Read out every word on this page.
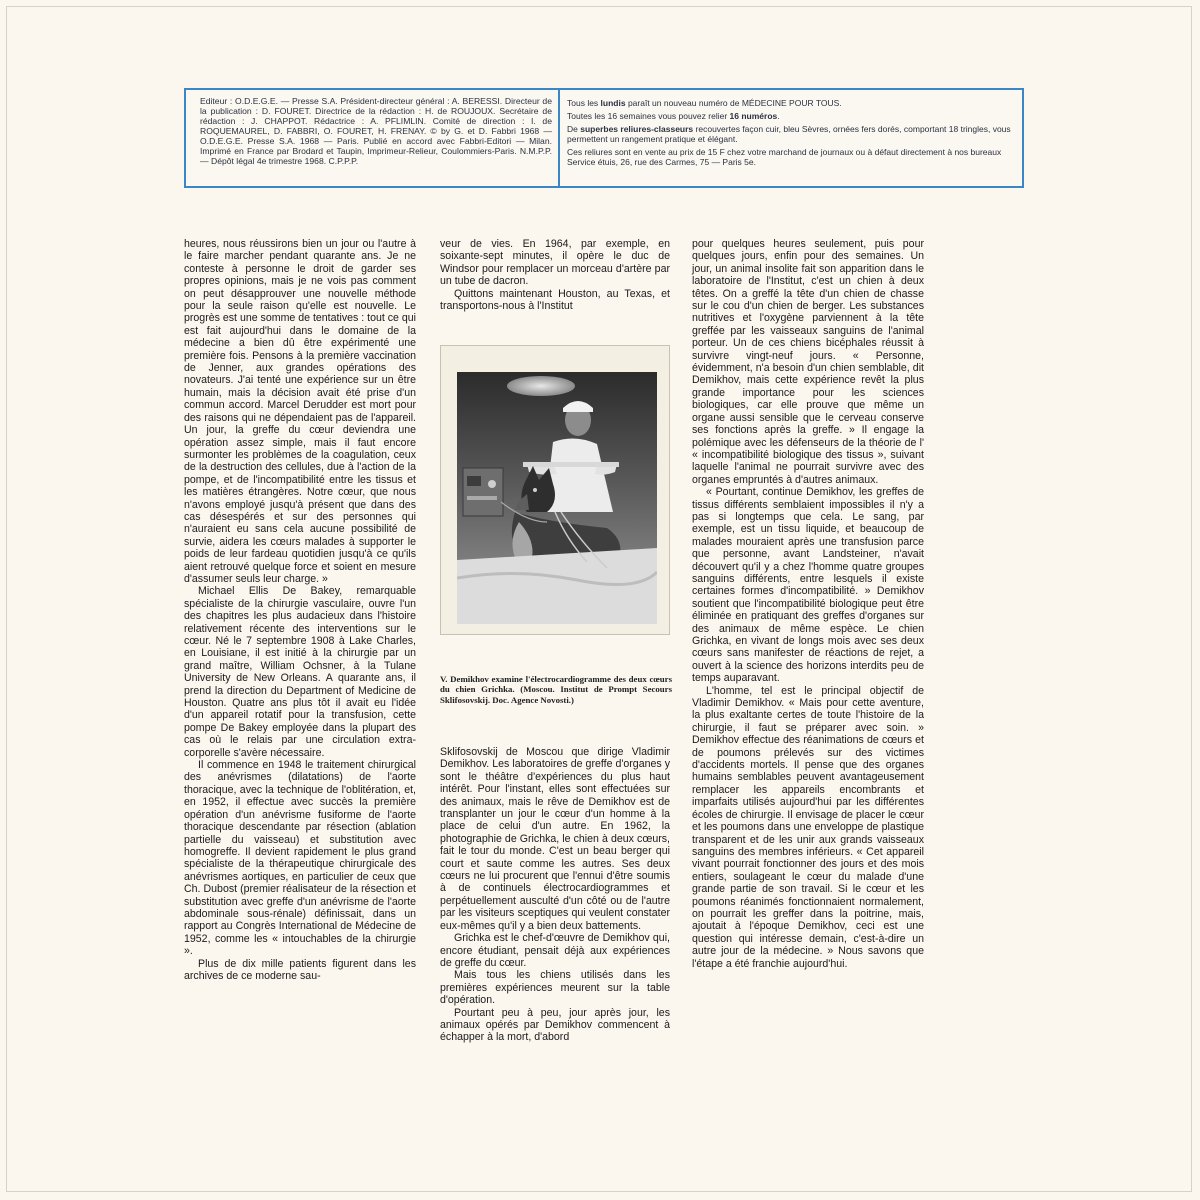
Editeur : O.D.E.G.E. — Presse S.A. Président-directeur général : A. BERESSI. Directeur de la publication : D. FOURET. Directrice de la rédaction : H. de ROUJOUX. Secrétaire de rédaction : J. CHAPPOT. Rédactrice : A. PFLIMLIN. Comité de direction : I. de ROQUEMAUREL, D. FABBRI, O. FOURET, H. FRENAY. © by G. et D. Fabbri 1968 — O.D.E.G.E. Presse S.A. 1968 — Paris. Publié en accord avec Fabbri-Editori — Milan. Imprimé en France par Brodard et Taupin, Imprimeur-Relieur, Coulommiers-Paris. N.M.P.P. — Dépôt légal 4e trimestre 1968. C.P.P.P.

Tous les lundis paraît un nouveau numéro de MÉDECINE POUR TOUS.

Toutes les 16 semaines vous pouvez relier 16 numéros.

De superbes reliures-classeurs recouvertes façon cuir, bleu Sèvres, ornées fers dorés, comportant 18 tringles, vous permettent un rangement pratique et élégant.

Ces reliures sont en vente au prix de 15 F chez votre marchand de journaux ou à défaut directement à nos bureaux Service étuis, 26, rue des Carmes, 75 — Paris 5e.

heures, nous réussirons bien un jour ou l'autre à le faire marcher pendant quarante ans. Je ne conteste à personne le droit de garder ses propres opinions, mais je ne vois pas comment on peut désapprouver une nouvelle méthode pour la seule raison qu'elle est nouvelle. Le progrès est une somme de tentatives : tout ce qui est fait aujourd'hui dans le domaine de la médecine a bien dû être expérimenté une première fois. Pensons à la première vaccination de Jenner, aux grandes opérations des novateurs. J'ai tenté une expérience sur un être humain, mais la décision avait été prise d'un commun accord. Marcel Derudder est mort pour des raisons qui ne dépendaient pas de l'appareil. Un jour, la greffe du cœur deviendra une opération assez simple, mais il faut encore surmonter les problèmes de la coagulation, ceux de la destruction des cellules, due à l'action de la pompe, et de l'incompatibilité entre les tissus et les matières étrangères. Notre cœur, que nous n'avons employé jusqu'à présent que dans des cas désespérés et sur des personnes qui n'auraient eu sans cela aucune possibilité de survie, aidera les cœurs malades à supporter le poids de leur fardeau quotidien jusqu'à ce qu'ils aient retrouvé quelque force et soient en mesure d'assumer seuls leur charge. »

Michael Ellis De Bakey, remarquable spécialiste de la chirurgie vasculaire, ouvre l'un des chapitres les plus audacieux dans l'histoire relativement récente des interventions sur le cœur. Né le 7 septembre 1908 à Lake Charles, en Louisiane, il est initié à la chirurgie par un grand maître, William Ochsner, à la Tulane University de New Orleans. A quarante ans, il prend la direction du Department of Medicine de Houston. Quatre ans plus tôt il avait eu l'idée d'un appareil rotatif pour la transfusion, cette pompe De Bakey employée dans la plupart des cas où le relais par une circulation extra-corporelle s'avère nécessaire.

Il commence en 1948 le traitement chirurgical des anévrismes (dilatations) de l'aorte thoracique, avec la technique de l'oblitération, et, en 1952, il effectue avec succès la première opération d'un anévrisme fusiforme de l'aorte thoracique descendante par résection (ablation partielle du vaisseau) et substitution avec homogreffe. Il devient rapidement le plus grand spécialiste de la thérapeutique chirurgicale des anévrismes aortiques, en particulier de ceux que Ch. Dubost (premier réalisateur de la résection et substitution avec greffe d'un anévrisme de l'aorte abdominale sous-rénale) définissait, dans un rapport au Congrès International de Médecine de 1952, comme les « intouchables de la chirurgie ».

Plus de dix mille patients figurent dans les archives de ce moderne sau-

veur de vies. En 1964, par exemple, en soixante-sept minutes, il opère le duc de Windsor pour remplacer un morceau d'artère par un tube de dacron.

Quittons maintenant Houston, au Texas, et transportons-nous à l'Institut

V. Demikhov examine l'électrocardiogramme des deux cœurs du chien Grichka. (Moscou. Institut de Prompt Secours Sklifosovskij. Doc. Agence Novosti.)

Sklifosovskij de Moscou que dirige Vladimir Demikhov. Les laboratoires de greffe d'organes y sont le théâtre d'expériences du plus haut intérêt. Pour l'instant, elles sont effectuées sur des animaux, mais le rêve de Demikhov est de transplanter un jour le cœur d'un homme à la place de celui d'un autre. En 1962, la photographie de Grichka, le chien à deux cœurs, fait le tour du monde. C'est un beau berger qui court et saute comme les autres. Ses deux cœurs ne lui procurent que l'ennui d'être soumis à de continuels électrocardiogrammes et perpétuellement ausculté d'un côté ou de l'autre par les visiteurs sceptiques qui veulent constater eux-mêmes qu'il y a bien deux battements.

Grichka est le chef-d'œuvre de Demikhov qui, encore étudiant, pensait déjà aux expériences de greffe du cœur.

Mais tous les chiens utilisés dans les premières expériences meurent sur la table d'opération.

Pourtant peu à peu, jour après jour, les animaux opérés par Demikhov commencent à échapper à la mort, d'abord

pour quelques heures seulement, puis pour quelques jours, enfin pour des semaines. Un jour, un animal insolite fait son apparition dans le laboratoire de l'Institut, c'est un chien à deux têtes. On a greffé la tête d'un chien de chasse sur le cou d'un chien de berger. Les substances nutritives et l'oxygène parviennent à la tête greffée par les vaisseaux sanguins de l'animal porteur. Un de ces chiens bicéphales réussit à survivre vingt-neuf jours. « Personne, évidemment, n'a besoin d'un chien semblable, dit Demikhov, mais cette expérience revêt la plus grande importance pour les sciences biologiques, car elle prouve que même un organe aussi sensible que le cerveau conserve ses fonctions après la greffe. » Il engage la polémique avec les défenseurs de la théorie de l' « incompatibilité biologique des tissus », suivant laquelle l'animal ne pourrait survivre avec des organes empruntés à d'autres animaux.

« Pourtant, continue Demikhov, les greffes de tissus différents semblaient impossibles il n'y a pas si longtemps que cela. Le sang, par exemple, est un tissu liquide, et beaucoup de malades mouraient après une transfusion parce que personne, avant Landsteiner, n'avait découvert qu'il y a chez l'homme quatre groupes sanguins différents, entre lesquels il existe certaines formes d'incompatibilité. » Demikhov soutient que l'incompatibilité biologique peut être éliminée en pratiquant des greffes d'organes sur des animaux de même espèce. Le chien Grichka, en vivant de longs mois avec ses deux cœurs sans manifester de réactions de rejet, a ouvert à la science des horizons interdits peu de temps auparavant.

L'homme, tel est le principal objectif de Vladimir Demikhov. « Mais pour cette aventure, la plus exaltante certes de toute l'histoire de la chirurgie, il faut se préparer avec soin. » Demikhov effectue des réanimations de cœurs et de poumons prélevés sur des victimes d'accidents mortels. Il pense que des organes humains semblables peuvent avantageusement remplacer les appareils encombrants et imparfaits utilisés aujourd'hui par les différentes écoles de chirurgie. Il envisage de placer le cœur et les poumons dans une enveloppe de plastique transparent et de les unir aux grands vaisseaux sanguins des membres inférieurs. « Cet appareil vivant pourrait fonctionner des jours et des mois entiers, soulageant le cœur du malade d'une grande partie de son travail. Si le cœur et les poumons réanimés fonctionnaient normalement, on pourrait les greffer dans la poitrine, mais, ajoutait à l'époque Demikhov, ceci est une question qui intéresse demain, c'est-à-dire un autre jour de la médecine. » Nous savons que l'étape a été franchie aujourd'hui.
